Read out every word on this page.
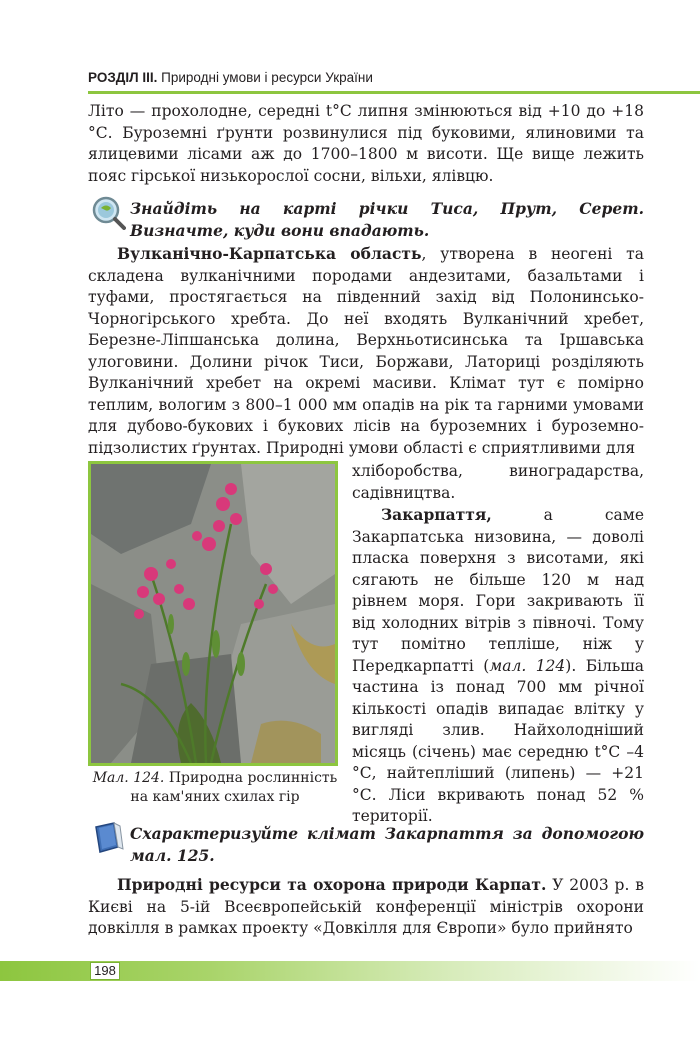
РОЗДІЛ ІІІ. Природні умови і ресурси України

Літо — прохолодне, середні t°С липня змінюються від +10 до +18 °С. Буроземні ґрунти розвинулися під буковими, ялиновими та ялицевими лісами аж до 1700–1800 м висоти. Ще вище лежить пояс гірської низькорослої сосни, вільхи, ялівцю.

Знайдіть на карті річки Тиса, Прут, Серет. Визначте, куди вони впадають.

Вулканічно-Карпатська область, утворена в неогені та складена вулканічними породами андезитами, базальтами і туфами, простягається на південний захід від Полонинсько-Чорногірського хребта. До неї входять Вулканічний хребет, Березне-Ліпшанська долина, Верхньотисинська та Іршавська улоговини. Долини річок Тиси, Боржави, Латориці розділяють Вулканічний хребет на окремі масиви. Клімат тут є помірно теплим, вологим з 800–1 000 мм опадів на рік та гарними умовами для дубово-букових і букових лісів на буроземних і буроземно-підзолистих ґрунтах. Природні умови області є сприятливими для

Мал. 124. Природна рослинність на кам'яних схилах гір

хліборобства, виноградарства, садівництва.

Закарпаття, а саме Закарпатська низовина, — доволі пласка поверхня з висотами, які сягають не більше 120 м над рівнем моря. Гори закривають її від холодних вітрів з півночі. Тому тут помітно тепліше, ніж у Передкарпатті (мал. 124). Більша частина із понад 700 мм річної кількості опадів випадає влітку у вигляді злив. Найхолодніший місяць (січень) має середню t°С –4 °С, найтепліший (липень) — +21 °С. Ліси вкривають понад 52 % території.

Схарактеризуйте клімат Закарпаття за допомогою мал. 125.

Природні ресурси та охорона природи Карпат. У 2003 р. в Києві на 5-ій Всеєвропейській конференції міністрів охорони довкілля в рамках проекту «Довкілля для Європи» було прийнято

198
